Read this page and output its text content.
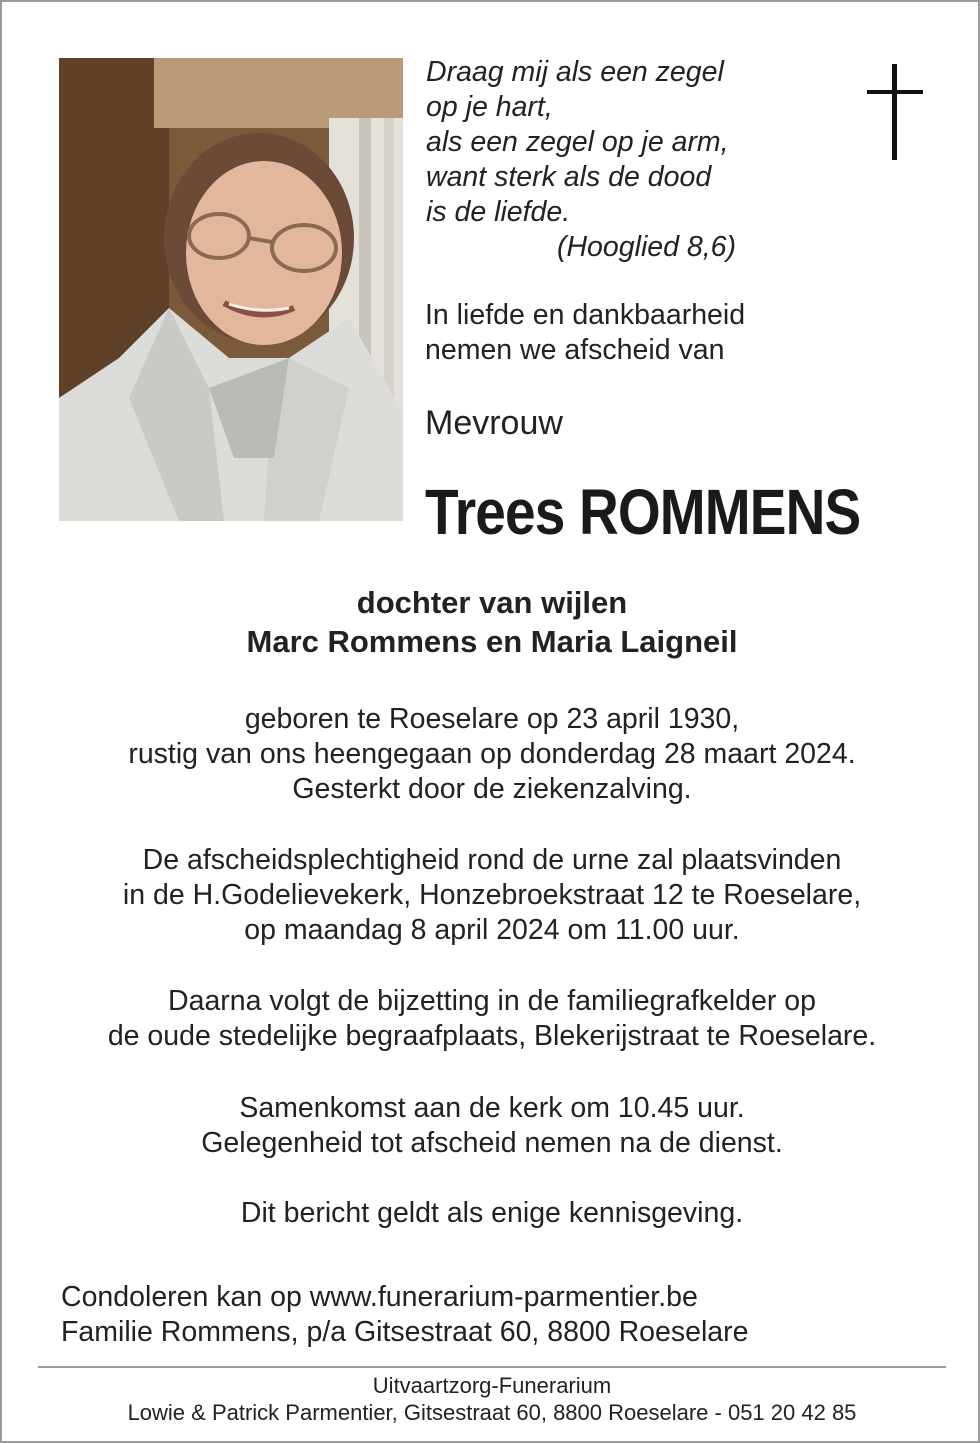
Draag mij als een zegel
op je hart,
als een zegel op je arm,
want sterk als de dood
is de liefde.
(Hooglied 8,6)
In liefde en dankbaarheid
nemen we afscheid van
Mevrouw
Trees ROMMENS
dochter van wijlen
Marc Rommens en Maria Laigneil
geboren te Roeselare op 23 april 1930,
rustig van ons heengegaan op donderdag 28 maart 2024.
Gesterkt door de ziekenzalving.
De afscheidsplechtigheid rond de urne zal plaatsvinden
in de H.Godelievekerk, Honzebroekstraat 12 te Roeselare,
op maandag 8 april 2024 om 11.00 uur.
Daarna volgt de bijzetting in de familiegrafkelder op
de oude stedelijke begraafplaats, Blekerijstraat te Roeselare.
Samenkomst aan de kerk om 10.45 uur.
Gelegenheid tot afscheid nemen na de dienst.
Dit bericht geldt als enige kennisgeving.
Condoleren kan op www.funerarium-parmentier.be
Familie Rommens, p/a Gitsestraat 60, 8800 Roeselare
Uitvaartzorg-Funerarium
Lowie & Patrick Parmentier, Gitsestraat 60, 8800 Roeselare - 051 20 42 85
